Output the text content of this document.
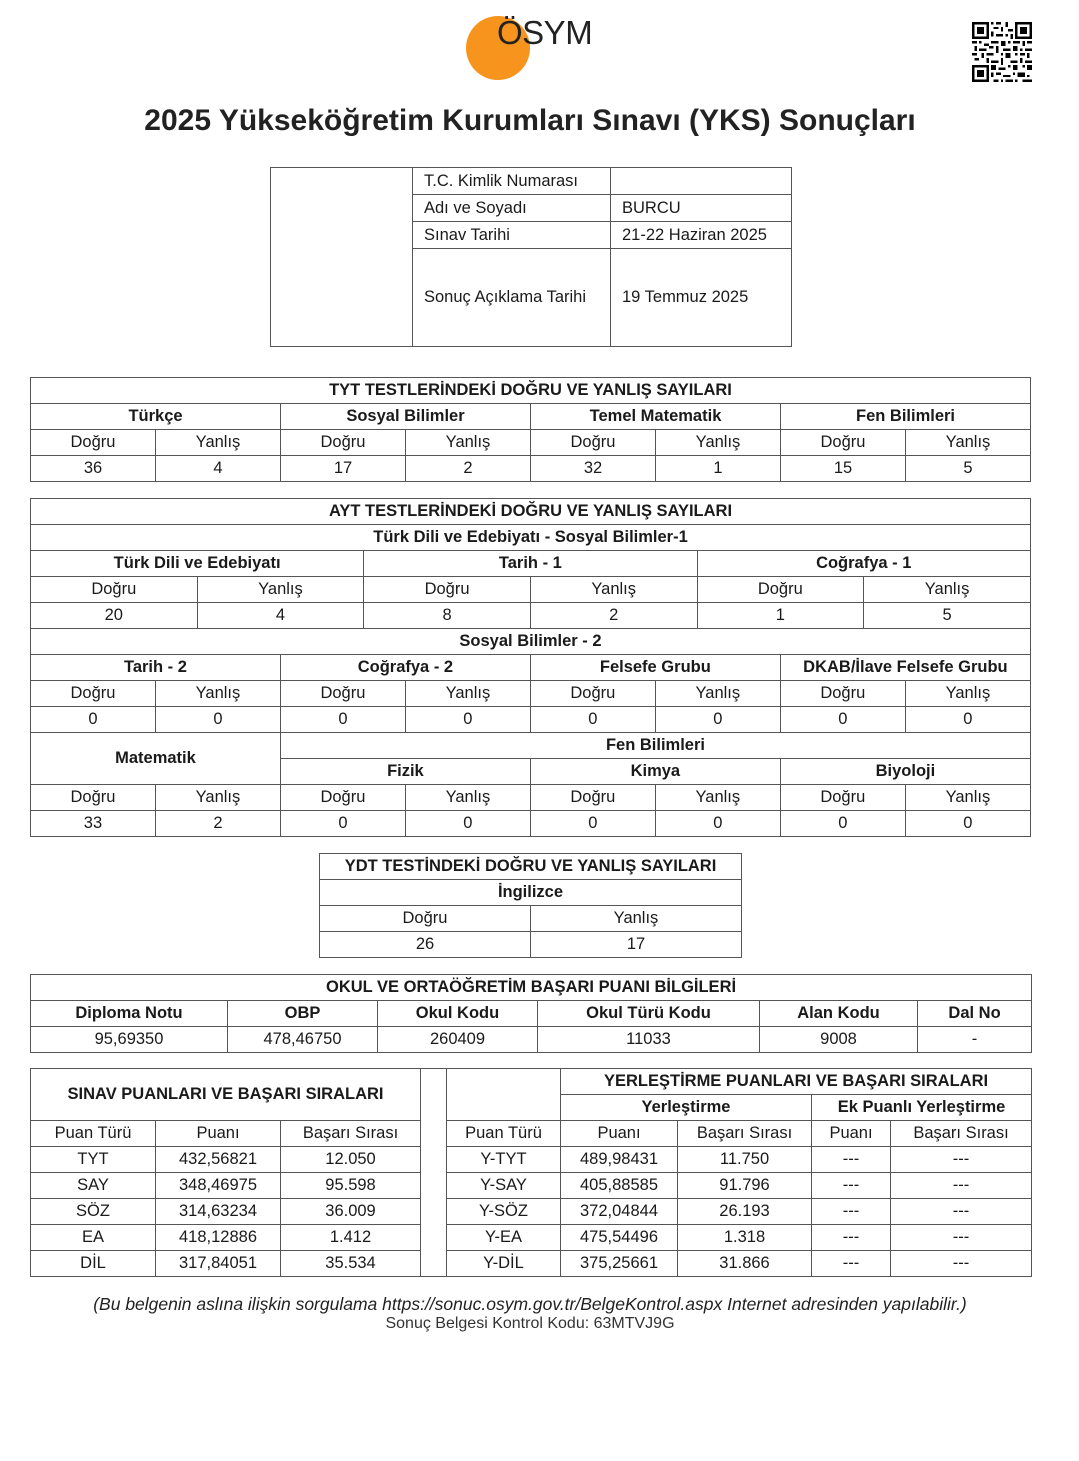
ÖSYM
2025 Yükseköğretim Kurumları Sınavı (YKS) Sonuçları
	T.C. Kimlik Numarası	
	Adı ve Soyadı	BURCU
	Sınav Tarihi	21-22 Haziran 2025
	Sonuç Açıklama Tarihi	19 Temmuz 2025
TYT TESTLERİNDEKİ DOĞRU VE YANLIŞ SAYILARI							
Türkçe		Sosyal Bilimler		Temel Matematik		Fen Bilimleri	
Doğru	Yanlış	Doğru	Yanlış	Doğru	Yanlış	Doğru	Yanlış
36	4	17	2	32	1	15	5
AYT TESTLERİNDEKİ DOĞRU VE YANLIŞ SAYILARI											
Türk Dili ve Edebiyatı - Sosyal Bilimler-1											
Türk Dili ve Edebiyatı				Tarih - 1				Coğrafya - 1			
Doğru		Yanlış		Doğru		Yanlış		Doğru		Yanlış	
20		4		8		2		1		5	
Sosyal Bilimler - 2											
Tarih - 2			Coğrafya - 2			Felsefe Grubu			DKAB/İlave Felsefe Grubu		
Doğru	Yanlış		Doğru		Yanlış	Doğru	Yanlış		Doğru		Yanlış
0	0		0		0	0	0		0		0
Matematik			Fen Bilimleri								
			Fizik			Kimya			Biyoloji		
Doğru	Yanlış		Doğru		Yanlış	Doğru	Yanlış		Doğru		Yanlış
33	2		0		0	0	0		0		0
YDT TESTİNDEKİ DOĞRU VE YANLIŞ SAYILARI	
İngilizce	
Doğru	Yanlış
26	17
OKUL VE ORTAÖĞRETİM BAŞARI PUANI BİLGİLERİ					
Diploma Notu	OBP	Okul Kodu	Okul Türü Kodu	Alan Kodu	Dal No
95,69350	478,46750	260409	11033	9008	-
SINAV PUANLARI VE BAŞARI SIRALARI					YERLEŞTİRME PUANLARI VE BAŞARI SIRALARI			
					Yerleştirme		Ek Puanlı Yerleştirme	
Puan Türü	Puanı	Başarı Sırası		Puan Türü	Puanı	Başarı Sırası	Puanı	Başarı Sırası
TYT	432,56821	12.050		Y-TYT	489,98431	11.750	---	---
SAY	348,46975	95.598		Y-SAY	405,88585	91.796	---	---
SÖZ	314,63234	36.009		Y-SÖZ	372,04844	26.193	---	---
EA	418,12886	1.412		Y-EA	475,54496	1.318	---	---
DİL	317,84051	35.534		Y-DİL	375,25661	31.866	---	---
(Bu belgenin aslına ilişkin sorgulama https://sonuc.osym.gov.tr/BelgeKontrol.aspx Internet adresinden yapılabilir.)
Sonuç Belgesi Kontrol Kodu: 63MTVJ9G
